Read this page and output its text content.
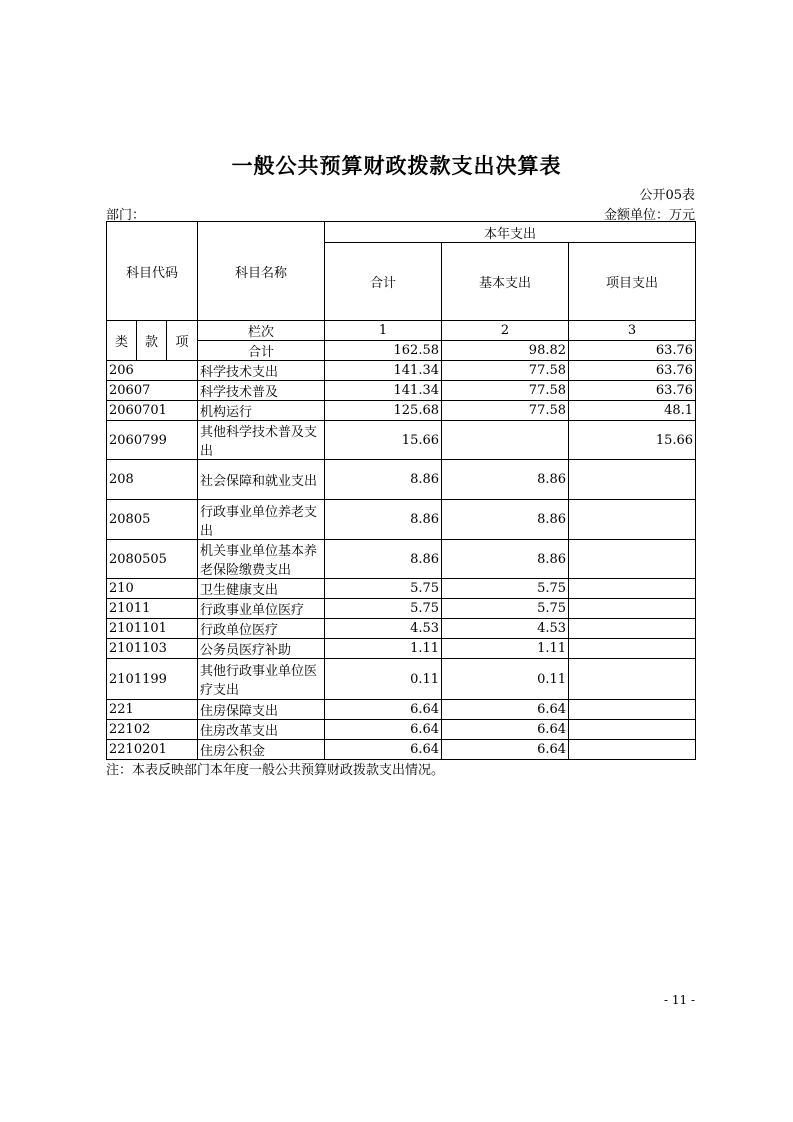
一般公共预算财政拨款支出决算表
公开05表
部门：	金额单位：万元
科目代码			科目名称	本年支出		
				合计	基本支出	项目支出
类	款	项	栏次	1	2	3
			合计	162.58	98.82	63.76
206			科学技术支出	141.34	77.58	63.76
20607			科学技术普及	141.34	77.58	63.76
2060701			机构运行	125.68	77.58	48.1
2060799			其他科学技术普及支出	15.66		15.66
208			社会保障和就业支出	8.86	8.86	
20805			行政事业单位养老支出	8.86	8.86	
2080505			机关事业单位基本养老保险缴费支出	8.86	8.86	
210			卫生健康支出	5.75	5.75	
21011			行政事业单位医疗	5.75	5.75	
2101101			行政单位医疗	4.53	4.53	
2101103			公务员医疗补助	1.11	1.11	
2101199			其他行政事业单位医疗支出	0.11	0.11	
221			住房保障支出	6.64	6.64	
22102			住房改革支出	6.64	6.64	
2210201			住房公积金	6.64	6.64	
注：本表反映部门本年度一般公共预算财政拨款支出情况。
- 11 -
